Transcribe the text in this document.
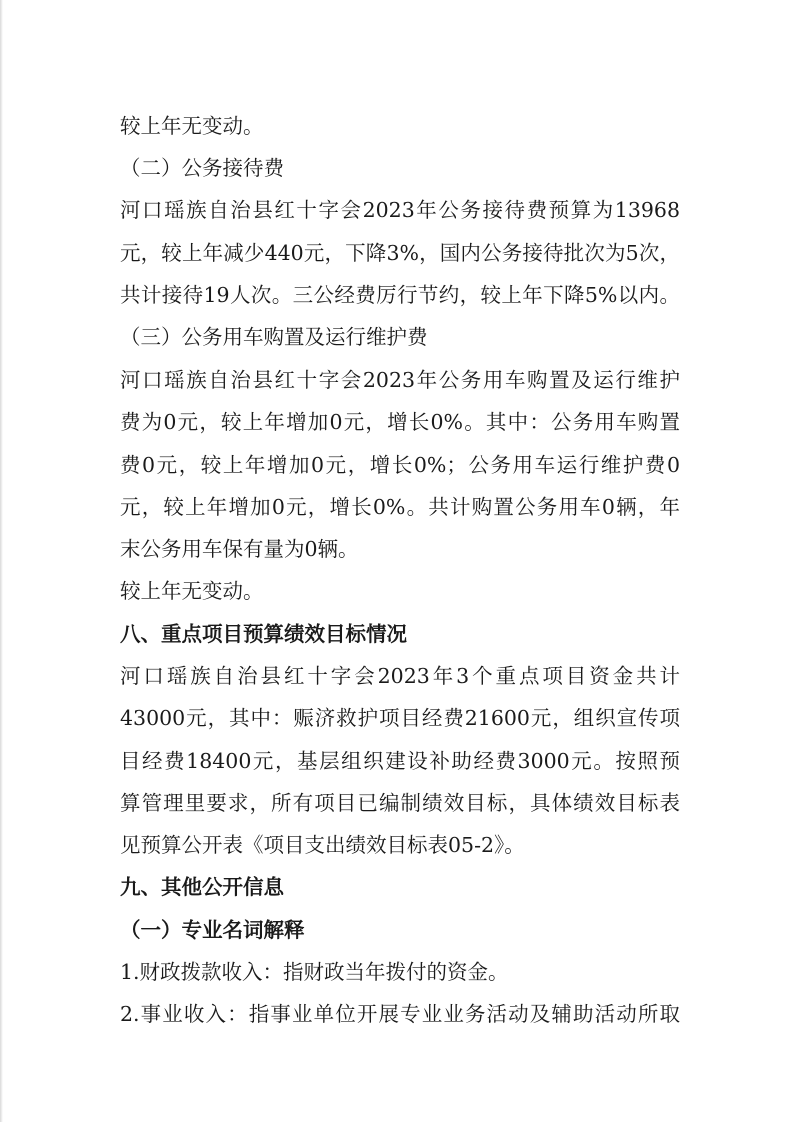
较上年无变动。
（二）公务接待费
河口瑶族自治县红十字会2023年公务接待费预算为13968
元，较上年减少440元，下降3%，国内公务接待批次为5次，
共计接待19人次。三公经费厉行节约，较上年下降5%以内。
（三）公务用车购置及运行维护费
河口瑶族自治县红十字会2023年公务用车购置及运行维护
费为0元，较上年增加0元，增长0%。其中：公务用车购置
费0元，较上年增加0元，增长0%；公务用车运行维护费0
元，较上年增加0元，增长0%。共计购置公务用车0辆，年
末公务用车保有量为0辆。
较上年无变动。
八、重点项目预算绩效目标情况
河口瑶族自治县红十字会2023年3个重点项目资金共计
43000元，其中：赈济救护项目经费21600元，组织宣传项
目经费18400元，基层组织建设补助经费3000元。按照预
算管理里要求，所有项目已编制绩效目标，具体绩效目标表
见预算公开表《项目支出绩效目标表05-2》。
九、其他公开信息
（一）专业名词解释
1.财政拨款收入：指财政当年拨付的资金。
2.事业收入：指事业单位开展专业业务活动及辅助活动所取
